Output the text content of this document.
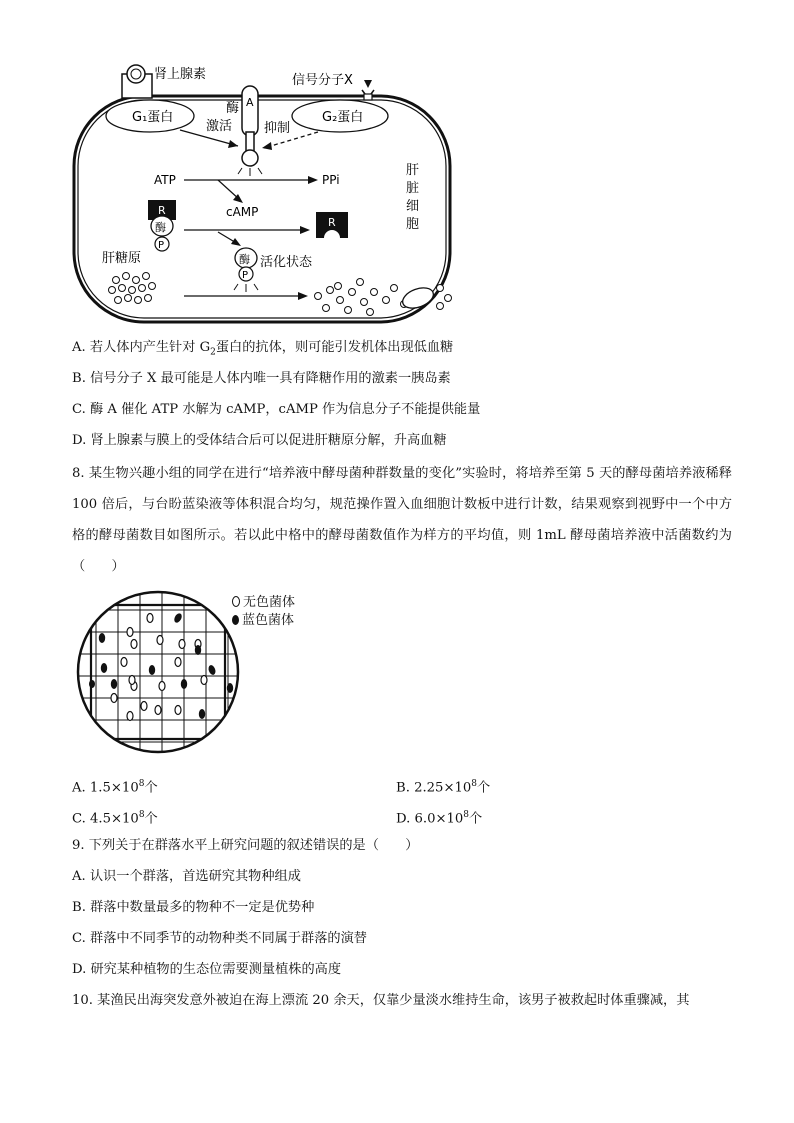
肾上腺素	信号分子X
酶 A
G₁蛋白	G₂蛋白
激活 抑制
ATP	PPi
cAMP
R
酶
P
R
酶
P
活化状态
肝糖原
肝
脏
细
胞
A. 若人体内产生针对 $G_2$蛋白的抗体，则可能引发机体出现低血糖
B. 信号分子 X 最可能是人体内唯一具有降糖作用的激素一胰岛素
C. 酶 A 催化 ATP 水解为 cAMP，cAMP 作为信息分子不能提供能量
D. 肾上腺素与膜上的受体结合后可以促进肝糖原分解，升高血糖
8. 某生物兴趣小组的同学在进行“培养液中酵母菌种群数量的变化”实验时，将培养至第 5 天的酵母菌培养液稀释 100 倍后，与台盼蓝染液等体积混合均匀，规范操作置入血细胞计数板中进行计数，结果观察到视野中一个中方格的酵母菌数目如图所示。若以此中格中的酵母菌数值作为样方的平均值，则 1mL 酵母菌培养液中活菌数约为（　　）
无色菌体
蓝色菌体
A. $1.5\times 10^8$个	B. $2.25\times 10^8$个
C. $4.5\times 10^8$个	D. $6.0\times 10^8$个
9. 下列关于在群落水平上研究问题的叙述错误的是（　　）
A. 认识一个群落，首选研究其物种组成
B. 群落中数量最多的物种不一定是优势种
C. 群落中不同季节的动物种类不同属于群落的演替
D. 研究某种植物的生态位需要测量植株的高度
10. 某渔民出海突发意外被迫在海上漂流 20 余天，仅靠少量淡水维持生命，该男子被救起时体重骤减，其
